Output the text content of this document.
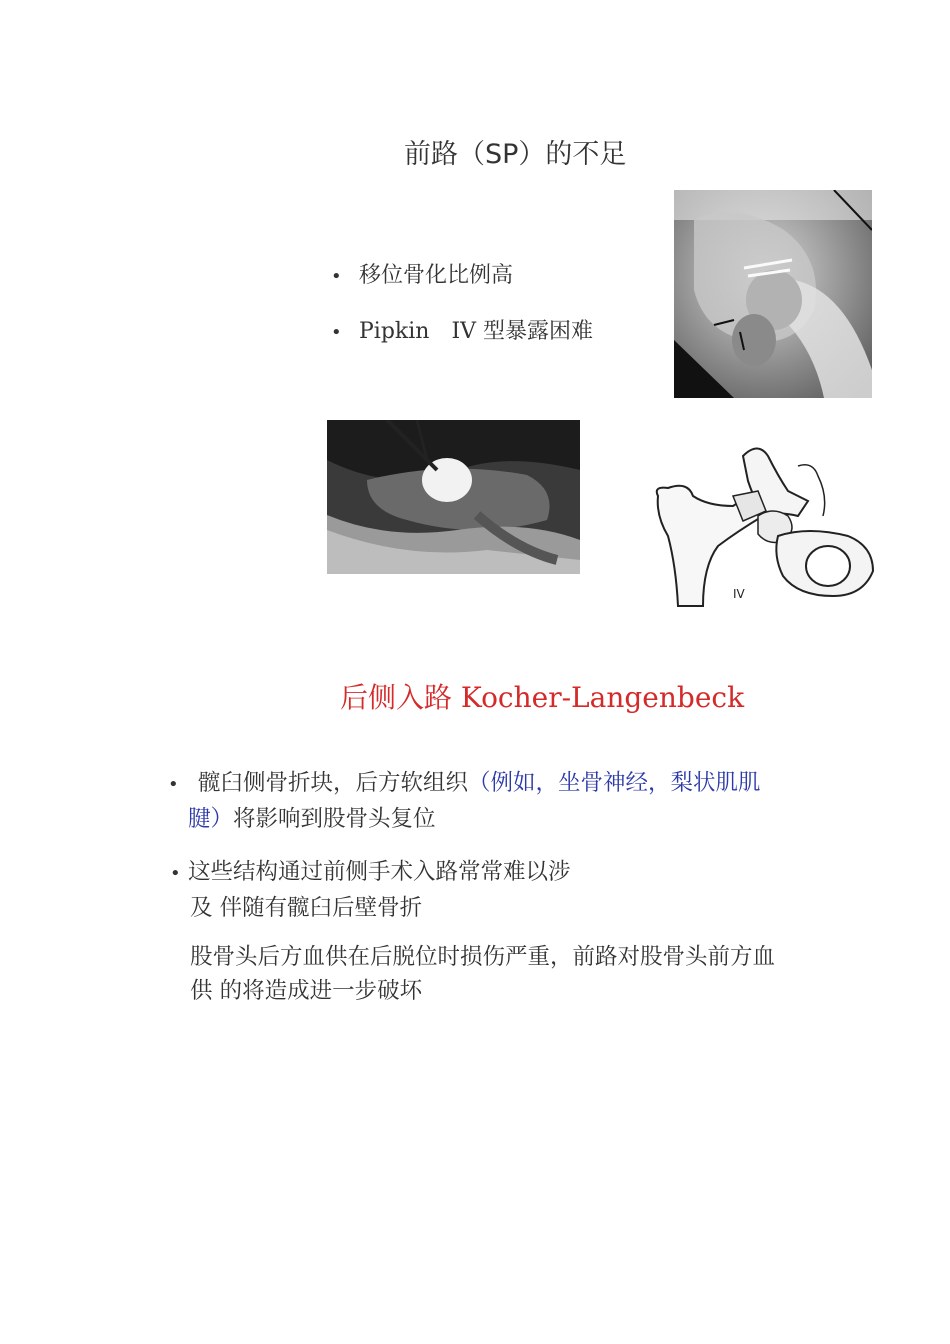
前路（SP）的不足
• 移位骨化比例高
• Pipkin　IV 型暴露困难
IV
后侧入路 Kocher-Langenbeck
• 髋臼侧骨折块，后方软组织（例如，坐骨神经，梨状肌肌
腱）将影响到股骨头复位
• 这些结构通过前侧手术入路常常难以涉
及 伴随有髋臼后壁骨折
股骨头后方血供在后脱位时损伤严重，前路对股骨头前方血
供 的将造成进一步破坏
